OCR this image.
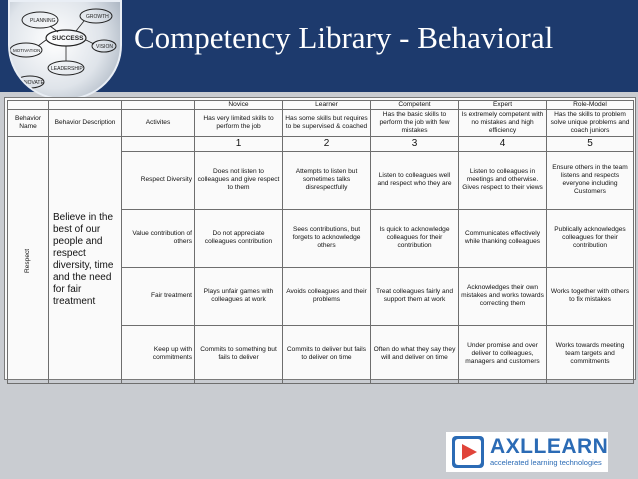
PLANNING
GROWTH
SUCCESS
VISION
MOTIVATION
LEADERSHIP
INNOVATE
Competency Library - Behavioral
			Novice	Learner	Competent	Expert	Role-Model
Behavior Name	Behavior Description	Activites	Has very limited skills to perform the job	Has some skills but requires to be supervised & coached	Has the basic skills to perform the job with few mistakes	Is extremely competent with no mistakes and high efficiency	Has the skills to problem solve unique problems and coach juniors
Respect	Believe in the best of our people and respect diversity, time and the need for fair treatment		1	2	3	4	5
		Respect Diversity	Does not listen to colleagues and give respect to them	Attempts to listen but sometimes talks disrespectfully	Listen to colleagues well and respect who they are	Listen to colleagues in meetings and otherwise. Gives respect to their views	Ensure others in the team listens and respects everyone including Customers
		Value contribution of others	Do not appreciate colleagues contribution	Sees contributions, but forgets to acknowledge others	Is quick to acknowledge colleagues for their contribution	Communicates effectively while thanking colleagues	Publically acknowledges colleagues for their contribution
		Fair treatment	Plays unfair games with colleagues at work	Avoids colleagues and their problems	Treat colleagues fairly and support them at work	Acknowledges their own mistakes and works towards correcting them	Works together with others to fix mistakes
		Keep up with commitments	Commits to something but fails to deliver	Commits to deliver but fails to deliver on time	Often do what they say they will and deliver on time	Under promise and over deliver to colleagues, managers and customers	Works towards meeting team targets and commitments
AXLLEARN
accelerated learning technologies
